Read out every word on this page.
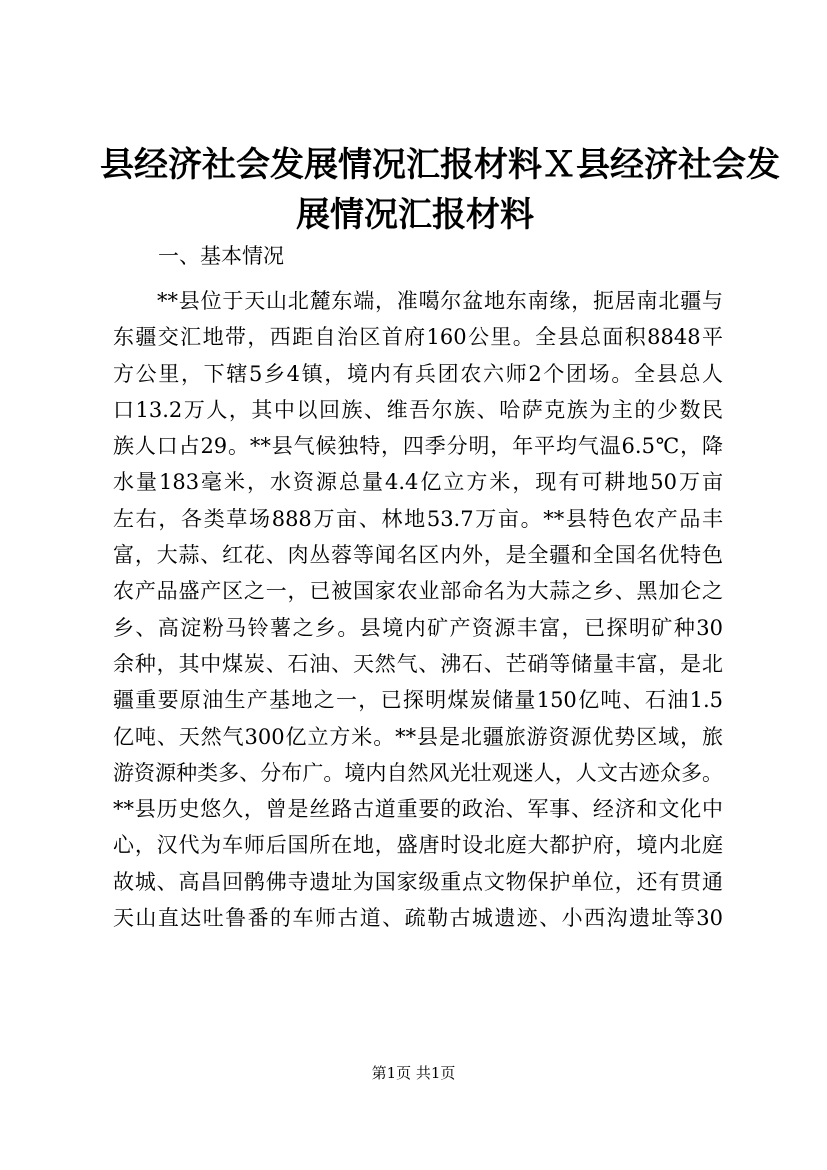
县经济社会发展情况汇报材料Ｘ县经济社会发
展情况汇报材料
一、基本情况
**县位于天山北麓东端，准噶尔盆地东南缘，扼居南北疆与
东疆交汇地带，西距自治区首府160公里。全县总面积8848平
方公里，下辖5乡4镇，境内有兵团农六师2个团场。全县总人
口13.2万人，其中以回族、维吾尔族、哈萨克族为主的少数民
族人口占29。**县气候独特，四季分明，年平均气温6.5℃，降
水量183毫米，水资源总量4.4亿立方米，现有可耕地50万亩
左右，各类草场888万亩、林地53.7万亩。**县特色农产品丰
富，大蒜、红花、肉丛蓉等闻名区内外，是全疆和全国名优特色
农产品盛产区之一，已被国家农业部命名为大蒜之乡、黑加仑之
乡、高淀粉马铃薯之乡。县境内矿产资源丰富，已探明矿种30
余种，其中煤炭、石油、天然气、沸石、芒硝等储量丰富，是北
疆重要原油生产基地之一，已探明煤炭储量150亿吨、石油1.5
亿吨、天然气300亿立方米。**县是北疆旅游资源优势区域，旅
游资源种类多、分布广。境内自然风光壮观迷人，人文古迹众多。
**县历史悠久，曾是丝路古道重要的政治、军事、经济和文化中
心，汉代为车师后国所在地，盛唐时设北庭大都护府，境内北庭
故城、高昌回鹘佛寺遗址为国家级重点文物保护单位，还有贯通
天山直达吐鲁番的车师古道、疏勒古城遗迹、小西沟遗址等30
第1页 共1页
